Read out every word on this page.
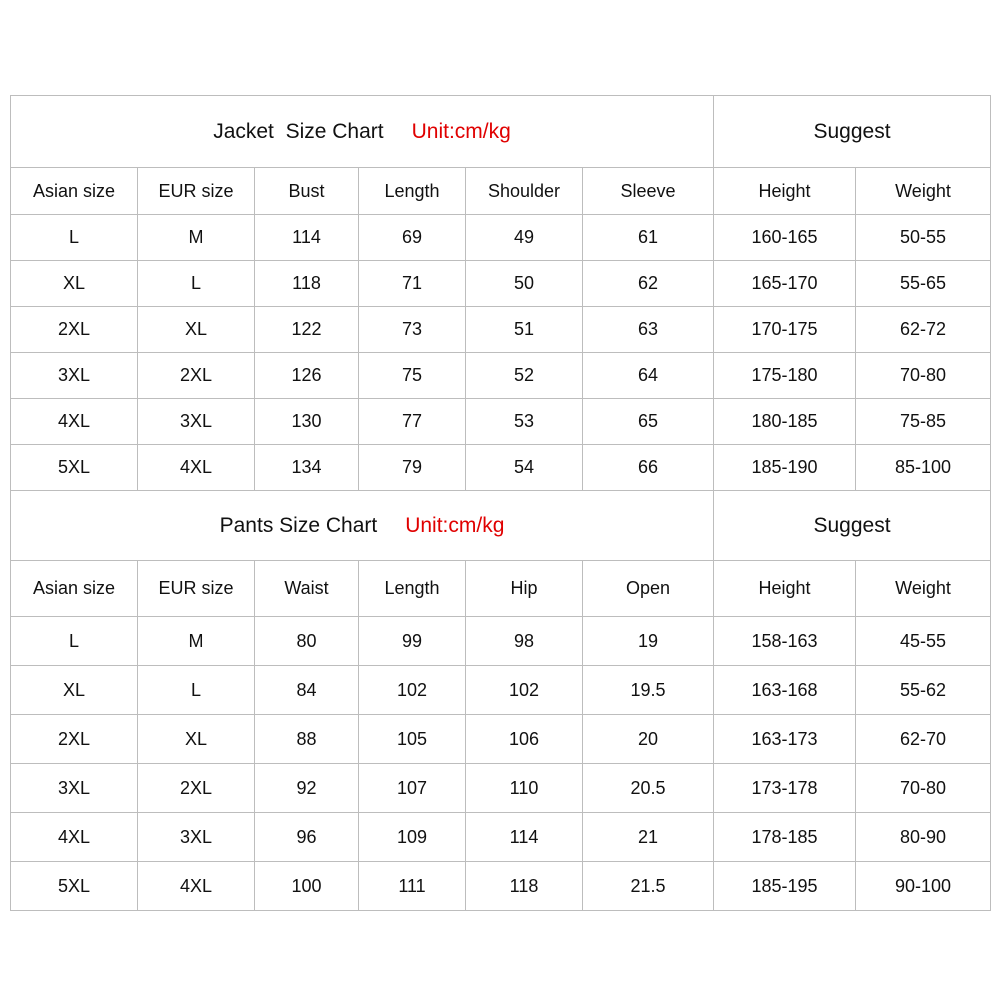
Jacket  Size Chart Unit:cm/kg						Suggest	
Asian size	EUR size	Bust	Length	Shoulder	Sleeve	Height	Weight
L	M	114	69	49	61	160-165	50-55
XL	L	118	71	50	62	165-170	55-65
2XL	XL	122	73	51	63	170-175	62-72
3XL	2XL	126	75	52	64	175-180	70-80
4XL	3XL	130	77	53	65	180-185	75-85
5XL	4XL	134	79	54	66	185-190	85-100
Pants Size Chart Unit:cm/kg						Suggest	
Asian size	EUR size	Waist	Length	Hip	Open	Height	Weight
L	M	80	99	98	19	158-163	45-55
XL	L	84	102	102	19.5	163-168	55-62
2XL	XL	88	105	106	20	163-173	62-70
3XL	2XL	92	107	110	20.5	173-178	70-80
4XL	3XL	96	109	114	21	178-185	80-90
5XL	4XL	100	111	118	21.5	185-195	90-100
